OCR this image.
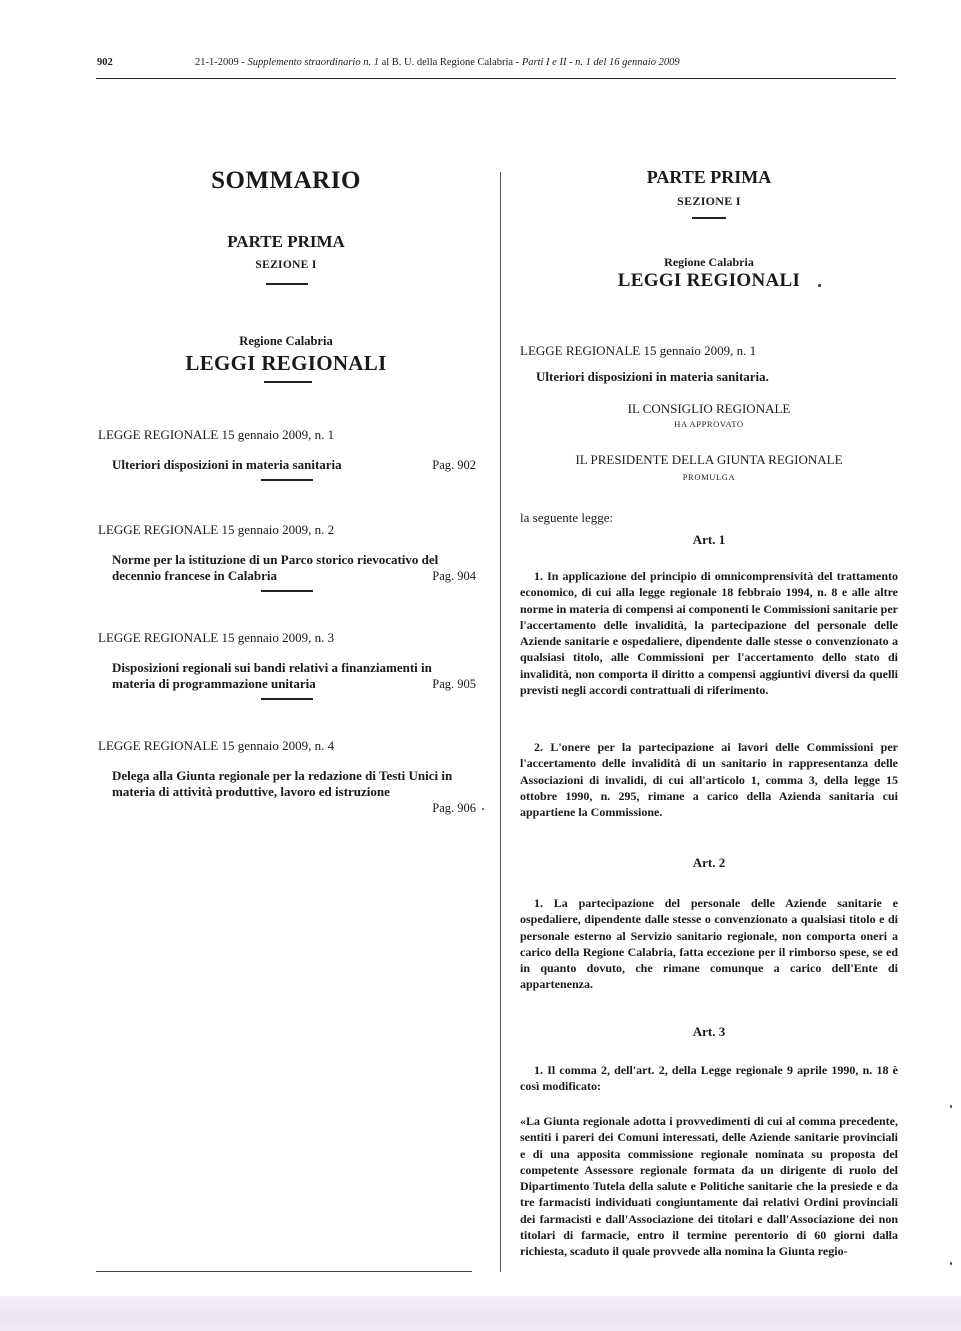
902	21-1-2009 - Supplemento straordinario n. 1 al B. U. della Regione Calabria - Parti I e II - n. 1 del 16 gennaio 2009
SOMMARIO
PARTE PRIMA
SEZIONE I
Regione Calabria
LEGGI REGIONALI
LEGGE REGIONALE 15 gennaio 2009, n. 1
Ulteriori disposizioni in materia sanitaria	Pag. 902
LEGGE REGIONALE 15 gennaio 2009, n. 2
Norme per la istituzione di un Parco storico rievocativo del decennio francese in Calabria	Pag. 904
LEGGE REGIONALE 15 gennaio 2009, n. 3
Disposizioni regionali sui bandi relativi a finanziamenti in materia di programmazione unitaria	Pag. 905
LEGGE REGIONALE 15 gennaio 2009, n. 4
Delega alla Giunta regionale per la redazione di Testi Unici in materia di attività produttive, lavoro ed istruzione
Pag. 906
PARTE PRIMA
SEZIONE I
Regione Calabria
LEGGI REGIONALI
LEGGE REGIONALE 15 gennaio 2009, n. 1
Ulteriori disposizioni in materia sanitaria.
IL CONSIGLIO REGIONALE
HA APPROVATO
IL PRESIDENTE DELLA GIUNTA REGIONALE
PROMULGA
la seguente legge:
Art. 1
1. In applicazione del principio di omnicomprensività del trattamento economico, di cui alla legge regionale 18 febbraio 1994, n. 8 e alle altre norme in materia di compensi ai componenti le Commissioni sanitarie per l'accertamento delle invalidità, la partecipazione del personale delle Aziende sanitarie e ospedaliere, dipendente dalle stesse o convenzionato a qualsiasi titolo, alle Commissioni per l'accertamento dello stato di invalidità, non comporta il diritto a compensi aggiuntivi diversi da quelli previsti negli accordi contrattuali di riferimento.
2. L'onere per la partecipazione ai lavori delle Commissioni per l'accertamento delle invalidità di un sanitario in rappresentanza delle Associazioni di invalidi, di cui all'articolo 1, comma 3, della legge 15 ottobre 1990, n. 295, rimane a carico della Azienda sanitaria cui appartiene la Commissione.
Art. 2
1. La partecipazione del personale delle Aziende sanitarie e ospedaliere, dipendente dalle stesse o convenzionato a qualsiasi titolo e di personale esterno al Servizio sanitario regionale, non comporta oneri a carico della Regione Calabria, fatta eccezione per il rimborso spese, se ed in quanto dovuto, che rimane comunque a carico dell'Ente di appartenenza.
Art. 3
1. Il comma 2, dell'art. 2, della Legge regionale 9 aprile 1990, n. 18 è così modificato:
«La Giunta regionale adotta i provvedimenti di cui al comma precedente, sentiti i pareri dei Comuni interessati, delle Aziende sanitarie provinciali e di una apposita commissione regionale nominata su proposta del competente Assessore regionale formata da un dirigente di ruolo del Dipartimento Tutela della salute e Politiche sanitarie che la presiede e da tre farmacisti individuati congiuntamente dai relativi Ordini provinciali dei farmacisti e dall'Associazione dei titolari e dall'Associazione dei non titolari di farmacie, entro il termine perentorio di 60 giorni dalla richiesta, scaduto il quale provvede alla nomina la Giunta regio-
